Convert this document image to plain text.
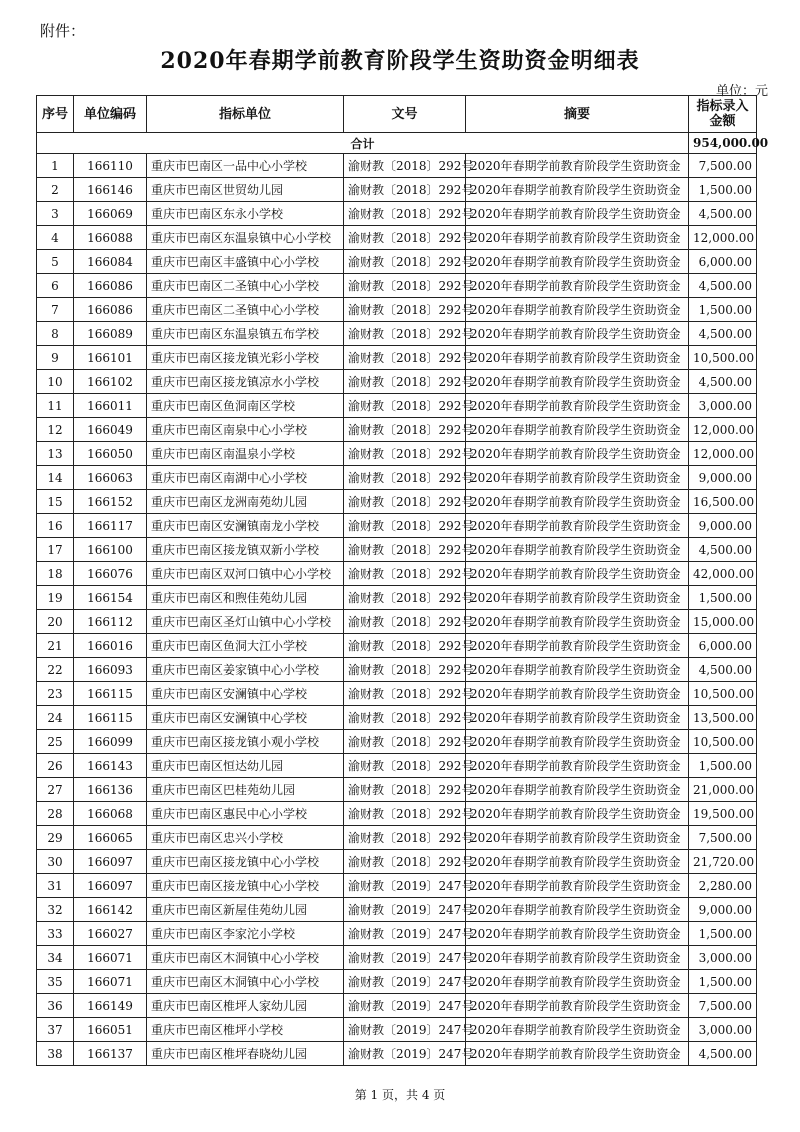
附件：
2020年春期学前教育阶段学生资助资金明细表
单位：元
序号	单位编码	指标单位	文号	摘要	指标录入金额
合计					954,000.00
1	166110	重庆市巴南区一品中心小学校	渝财教〔2018〕292号	2020年春期学前教育阶段学生资助资金	7,500.00
2	166146	重庆市巴南区世贸幼儿园	渝财教〔2018〕292号	2020年春期学前教育阶段学生资助资金	1,500.00
3	166069	重庆市巴南区东永小学校	渝财教〔2018〕292号	2020年春期学前教育阶段学生资助资金	4,500.00
4	166088	重庆市巴南区东温泉镇中心小学校	渝财教〔2018〕292号	2020年春期学前教育阶段学生资助资金	12,000.00
5	166084	重庆市巴南区丰盛镇中心小学校	渝财教〔2018〕292号	2020年春期学前教育阶段学生资助资金	6,000.00
6	166086	重庆市巴南区二圣镇中心小学校	渝财教〔2018〕292号	2020年春期学前教育阶段学生资助资金	4,500.00
7	166086	重庆市巴南区二圣镇中心小学校	渝财教〔2018〕292号	2020年春期学前教育阶段学生资助资金	1,500.00
8	166089	重庆市巴南区东温泉镇五布学校	渝财教〔2018〕292号	2020年春期学前教育阶段学生资助资金	4,500.00
9	166101	重庆市巴南区接龙镇光彩小学校	渝财教〔2018〕292号	2020年春期学前教育阶段学生资助资金	10,500.00
10	166102	重庆市巴南区接龙镇凉水小学校	渝财教〔2018〕292号	2020年春期学前教育阶段学生资助资金	4,500.00
11	166011	重庆市巴南区鱼洞南区学校	渝财教〔2018〕292号	2020年春期学前教育阶段学生资助资金	3,000.00
12	166049	重庆市巴南区南泉中心小学校	渝财教〔2018〕292号	2020年春期学前教育阶段学生资助资金	12,000.00
13	166050	重庆市巴南区南温泉小学校	渝财教〔2018〕292号	2020年春期学前教育阶段学生资助资金	12,000.00
14	166063	重庆市巴南区南湖中心小学校	渝财教〔2018〕292号	2020年春期学前教育阶段学生资助资金	9,000.00
15	166152	重庆市巴南区龙洲南苑幼儿园	渝财教〔2018〕292号	2020年春期学前教育阶段学生资助资金	16,500.00
16	166117	重庆市巴南区安澜镇南龙小学校	渝财教〔2018〕292号	2020年春期学前教育阶段学生资助资金	9,000.00
17	166100	重庆市巴南区接龙镇双新小学校	渝财教〔2018〕292号	2020年春期学前教育阶段学生资助资金	4,500.00
18	166076	重庆市巴南区双河口镇中心小学校	渝财教〔2018〕292号	2020年春期学前教育阶段学生资助资金	42,000.00
19	166154	重庆市巴南区和煦佳苑幼儿园	渝财教〔2018〕292号	2020年春期学前教育阶段学生资助资金	1,500.00
20	166112	重庆市巴南区圣灯山镇中心小学校	渝财教〔2018〕292号	2020年春期学前教育阶段学生资助资金	15,000.00
21	166016	重庆市巴南区鱼洞大江小学校	渝财教〔2018〕292号	2020年春期学前教育阶段学生资助资金	6,000.00
22	166093	重庆市巴南区姜家镇中心小学校	渝财教〔2018〕292号	2020年春期学前教育阶段学生资助资金	4,500.00
23	166115	重庆市巴南区安澜镇中心学校	渝财教〔2018〕292号	2020年春期学前教育阶段学生资助资金	10,500.00
24	166115	重庆市巴南区安澜镇中心学校	渝财教〔2018〕292号	2020年春期学前教育阶段学生资助资金	13,500.00
25	166099	重庆市巴南区接龙镇小观小学校	渝财教〔2018〕292号	2020年春期学前教育阶段学生资助资金	10,500.00
26	166143	重庆市巴南区恒达幼儿园	渝财教〔2018〕292号	2020年春期学前教育阶段学生资助资金	1,500.00
27	166136	重庆市巴南区巴桂苑幼儿园	渝财教〔2018〕292号	2020年春期学前教育阶段学生资助资金	21,000.00
28	166068	重庆市巴南区惠民中心小学校	渝财教〔2018〕292号	2020年春期学前教育阶段学生资助资金	19,500.00
29	166065	重庆市巴南区忠兴小学校	渝财教〔2018〕292号	2020年春期学前教育阶段学生资助资金	7,500.00
30	166097	重庆市巴南区接龙镇中心小学校	渝财教〔2018〕292号	2020年春期学前教育阶段学生资助资金	21,720.00
31	166097	重庆市巴南区接龙镇中心小学校	渝财教〔2019〕247号	2020年春期学前教育阶段学生资助资金	2,280.00
32	166142	重庆市巴南区新屋佳苑幼儿园	渝财教〔2019〕247号	2020年春期学前教育阶段学生资助资金	9,000.00
33	166027	重庆市巴南区李家沱小学校	渝财教〔2019〕247号	2020年春期学前教育阶段学生资助资金	1,500.00
34	166071	重庆市巴南区木洞镇中心小学校	渝财教〔2019〕247号	2020年春期学前教育阶段学生资助资金	3,000.00
35	166071	重庆市巴南区木洞镇中心小学校	渝财教〔2019〕247号	2020年春期学前教育阶段学生资助资金	1,500.00
36	166149	重庆市巴南区椎坪人家幼儿园	渝财教〔2019〕247号	2020年春期学前教育阶段学生资助资金	7,500.00
37	166051	重庆市巴南区椎坪小学校	渝财教〔2019〕247号	2020年春期学前教育阶段学生资助资金	3,000.00
38	166137	重庆市巴南区椎坪春晓幼儿园	渝财教〔2019〕247号	2020年春期学前教育阶段学生资助资金	4,500.00
第 1 页，共 4 页
